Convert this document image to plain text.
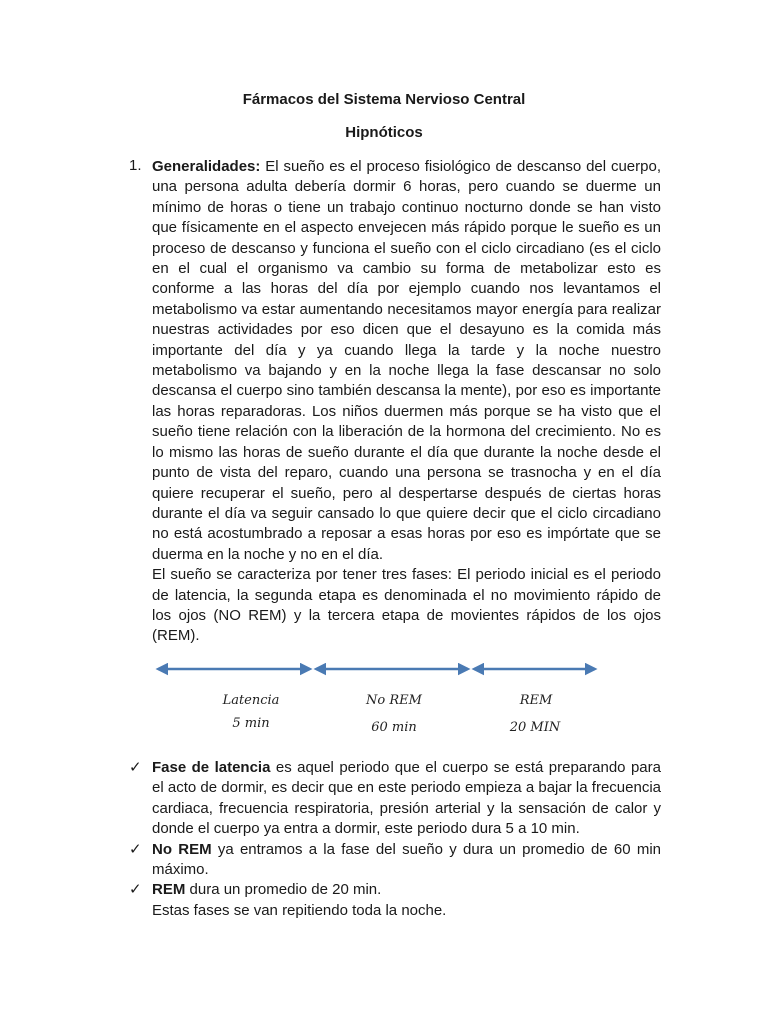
Fármacos del Sistema Nervioso Central
Hipnóticos
1. Generalidades: El sueño es el proceso fisiológico de descanso del cuerpo, una persona adulta debería dormir 6 horas, pero cuando se duerme un mínimo de horas o tiene un trabajo continuo nocturno donde se han visto que físicamente en el aspecto envejecen más rápido porque le sueño es un proceso de descanso y funciona el sueño con el ciclo circadiano (es el ciclo en el cual el organismo va cambio su forma de metabolizar esto es conforme a las horas del día por ejemplo cuando nos levantamos el metabolismo va estar aumentando necesitamos mayor energía para realizar nuestras actividades por eso dicen que el desayuno es la comida más importante del día y ya cuando llega la tarde y la noche nuestro metabolismo va bajando y en la noche llega la fase descansar no solo descansa el cuerpo sino también descansa la mente), por eso es importante las horas reparadoras. Los niños duermen más porque se ha visto que el sueño tiene relación con la liberación de la hormona del crecimiento. No es lo mismo las horas de sueño durante el día que durante la noche desde el punto de vista del reparo, cuando una persona se trasnocha y en el día quiere recuperar el sueño, pero al despertarse después de ciertas horas durante el día va seguir cansado lo que quiere decir que el ciclo circadiano no está acostumbrado a reposar a esas horas por eso es impórtate que se duerma en la noche y no en el día.

El sueño se caracteriza por tener tres fases: El periodo inicial es el periodo de latencia, la segunda etapa es denominada el no movimiento rápido de los ojos (NO REM) y la tercera etapa de movientes rápidos de los ojos (REM).

Latencia
5 min
No REM
60 min
REM
20 MIN
✓ Fase de latencia es aquel periodo que el cuerpo se está preparando para el acto de dormir, es decir que en este periodo empieza a bajar la frecuencia cardiaca, frecuencia respiratoria, presión arterial y la sensación de calor y donde el cuerpo ya entra a dormir, este periodo dura 5 a 10 min.
✓ No REM ya entramos a la fase del sueño y dura un promedio de 60 min máximo.
✓ REM dura un promedio de 20 min.
Estas fases se van repitiendo toda la noche.
